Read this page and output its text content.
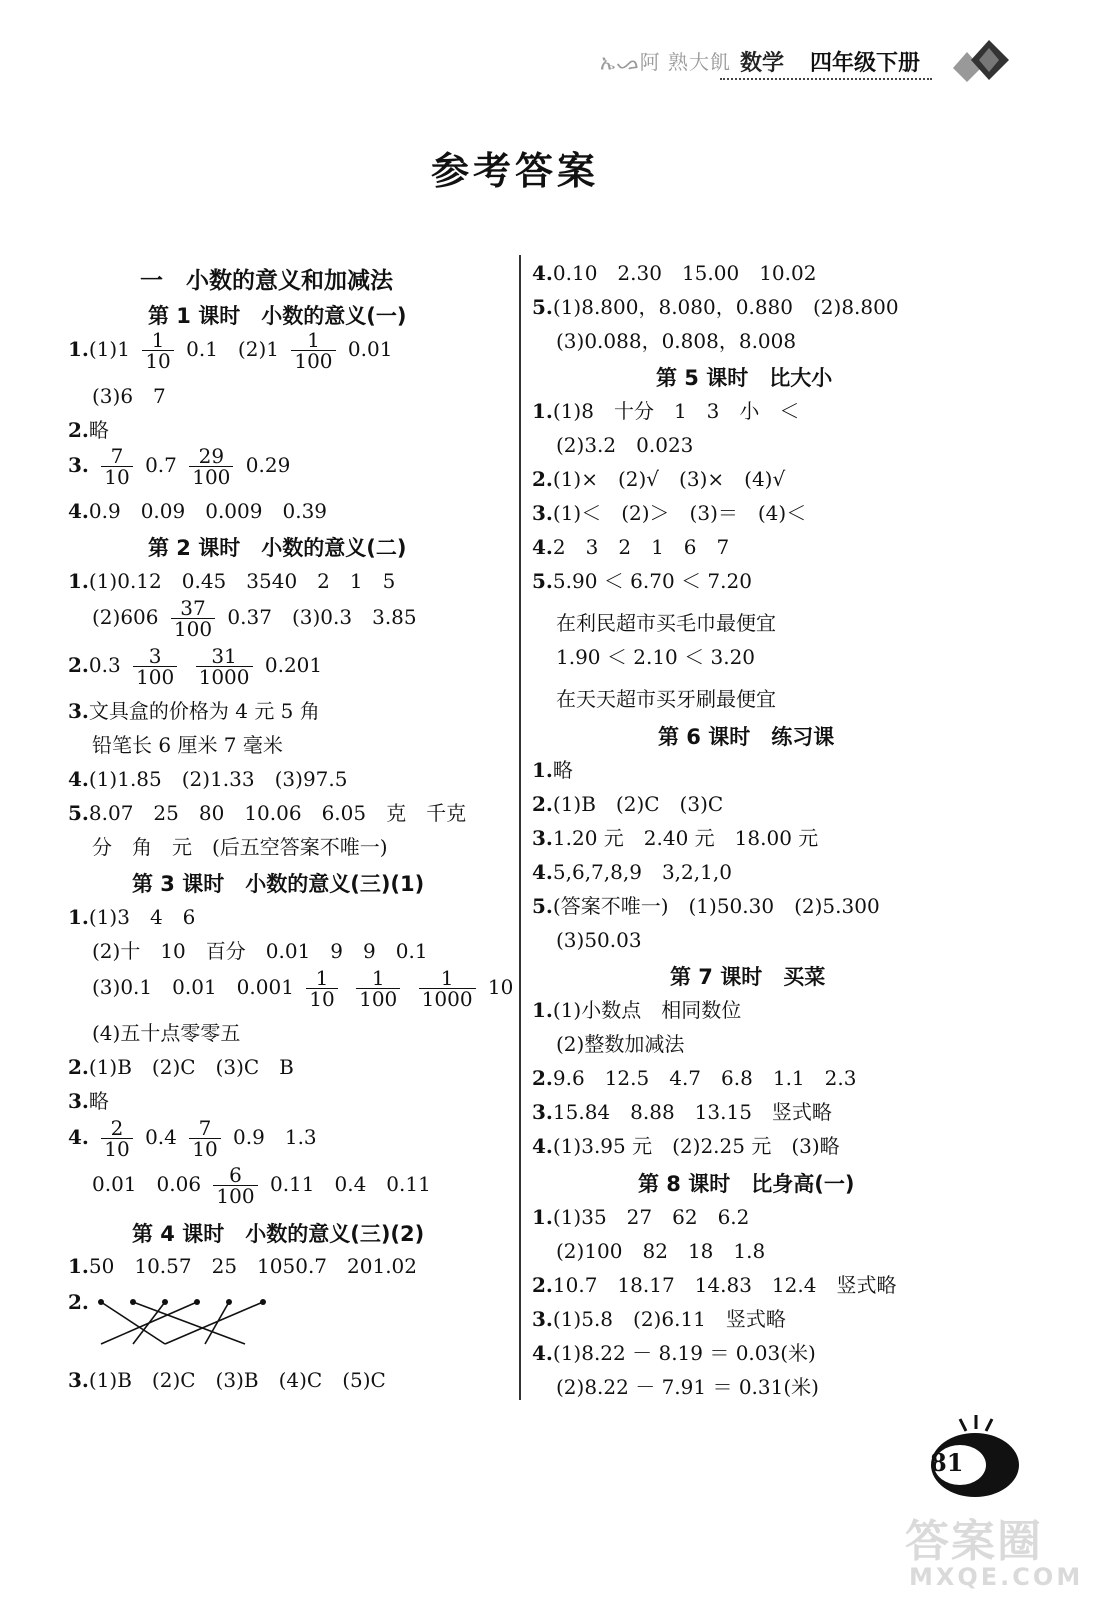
ኤᯀ阿 熟大飢 数学 四年级下册
参考答案
一　小数的意义和加减法
第 1 课时　小数的意义(一)
$1.(1)1 \frac{1}{10} 0.1$　$(2)1 \frac{1}{100} 0.01$
(3)6　7
2.略
3. $\frac{7}{10} 0.7 \frac{29}{100} 0.29$
4.0.9　0.09　0.009　0.39
第 2 课时　小数的意义(二)
1.(1)0.12　0.45　3540　2　1　5
$(2)606 \frac{37}{100} 0.37$　(3)0.3　3.85
$2.0.3 \frac{3}{100}$
$\frac{31}{1000} 0.201$
3.文具盒的价格为 4 元 5 角
铅笔长 6 厘米 7 毫米
4.(1)1.85　(2)1.33　(3)97.5
5.8.07　25　80　10.06　6.05　克　千克
分　角　元　(后五空答案不唯一)
第 3 课时　小数的意义(三)(1)
1.(1)3　4　6
(2)十　10　百分　0.01　9　9　0.1
(3)0.1　0.01　$0.001 \frac{1}{10}$
$\frac{1}{100}$
$\frac{1}{1000} 10$
(4)五十点零零五
2.(1)B　(2)C　(3)C　B
3.略
4. $\frac{2}{10} 0.4 \frac{7}{10} 0.9$　1.3
0.01　$0.06 \frac{6}{100} 0.11$　0.4　0.11
第 4 课时　小数的意义(三)(2)
1.50　10.57　25　1050.7　201.02
2.
3.(1)B　(2)C　(3)B　(4)C　(5)C
4.0.10　2.30　15.00　10.02
5.(1)8.800，8.080，0.880　(2)8.800
(3)0.088，0.808，8.008
第 5 课时　比大小
1.(1)8　十分　1　3　小　＜
(2)3.2　0.023
2.(1)×　(2)√　(3)×　(4)√
3.(1)＜　(2)＞　(3)＝　(4)＜
4.2　3　2　1　6　7
5.5.90 ＜ 6.70 ＜ 7.20
在利民超市买毛巾最便宜
1.90 ＜ 2.10 ＜ 3.20
在天天超市买牙刷最便宜
第 6 课时　练习课
1.略
2.(1)B　(2)C　(3)C
3.1.20 元　2.40 元　18.00 元
4.5,6,7,8,9　3,2,1,0
5.(答案不唯一)　(1)50.30　(2)5.300
(3)50.03
第 7 课时　买菜
1.(1)小数点　相同数位
(2)整数加减法
2.9.6　12.5　4.7　6.8　1.1　2.3
3.15.84　8.88　13.15　竖式略
4.(1)3.95 元　(2)2.25 元　(3)略
第 8 课时　比身高(一)
1.(1)35　27　62　6.2
(2)100　82　18　1.8
2.10.7　18.17　14.83　12.4　竖式略
3.(1)5.8　(2)6.11　竖式略
4.(1)8.22 － 8.19 ＝ 0.03(米)
(2)8.22 － 7.91 ＝ 0.31(米)
81
答案圈
MXQE.COM
